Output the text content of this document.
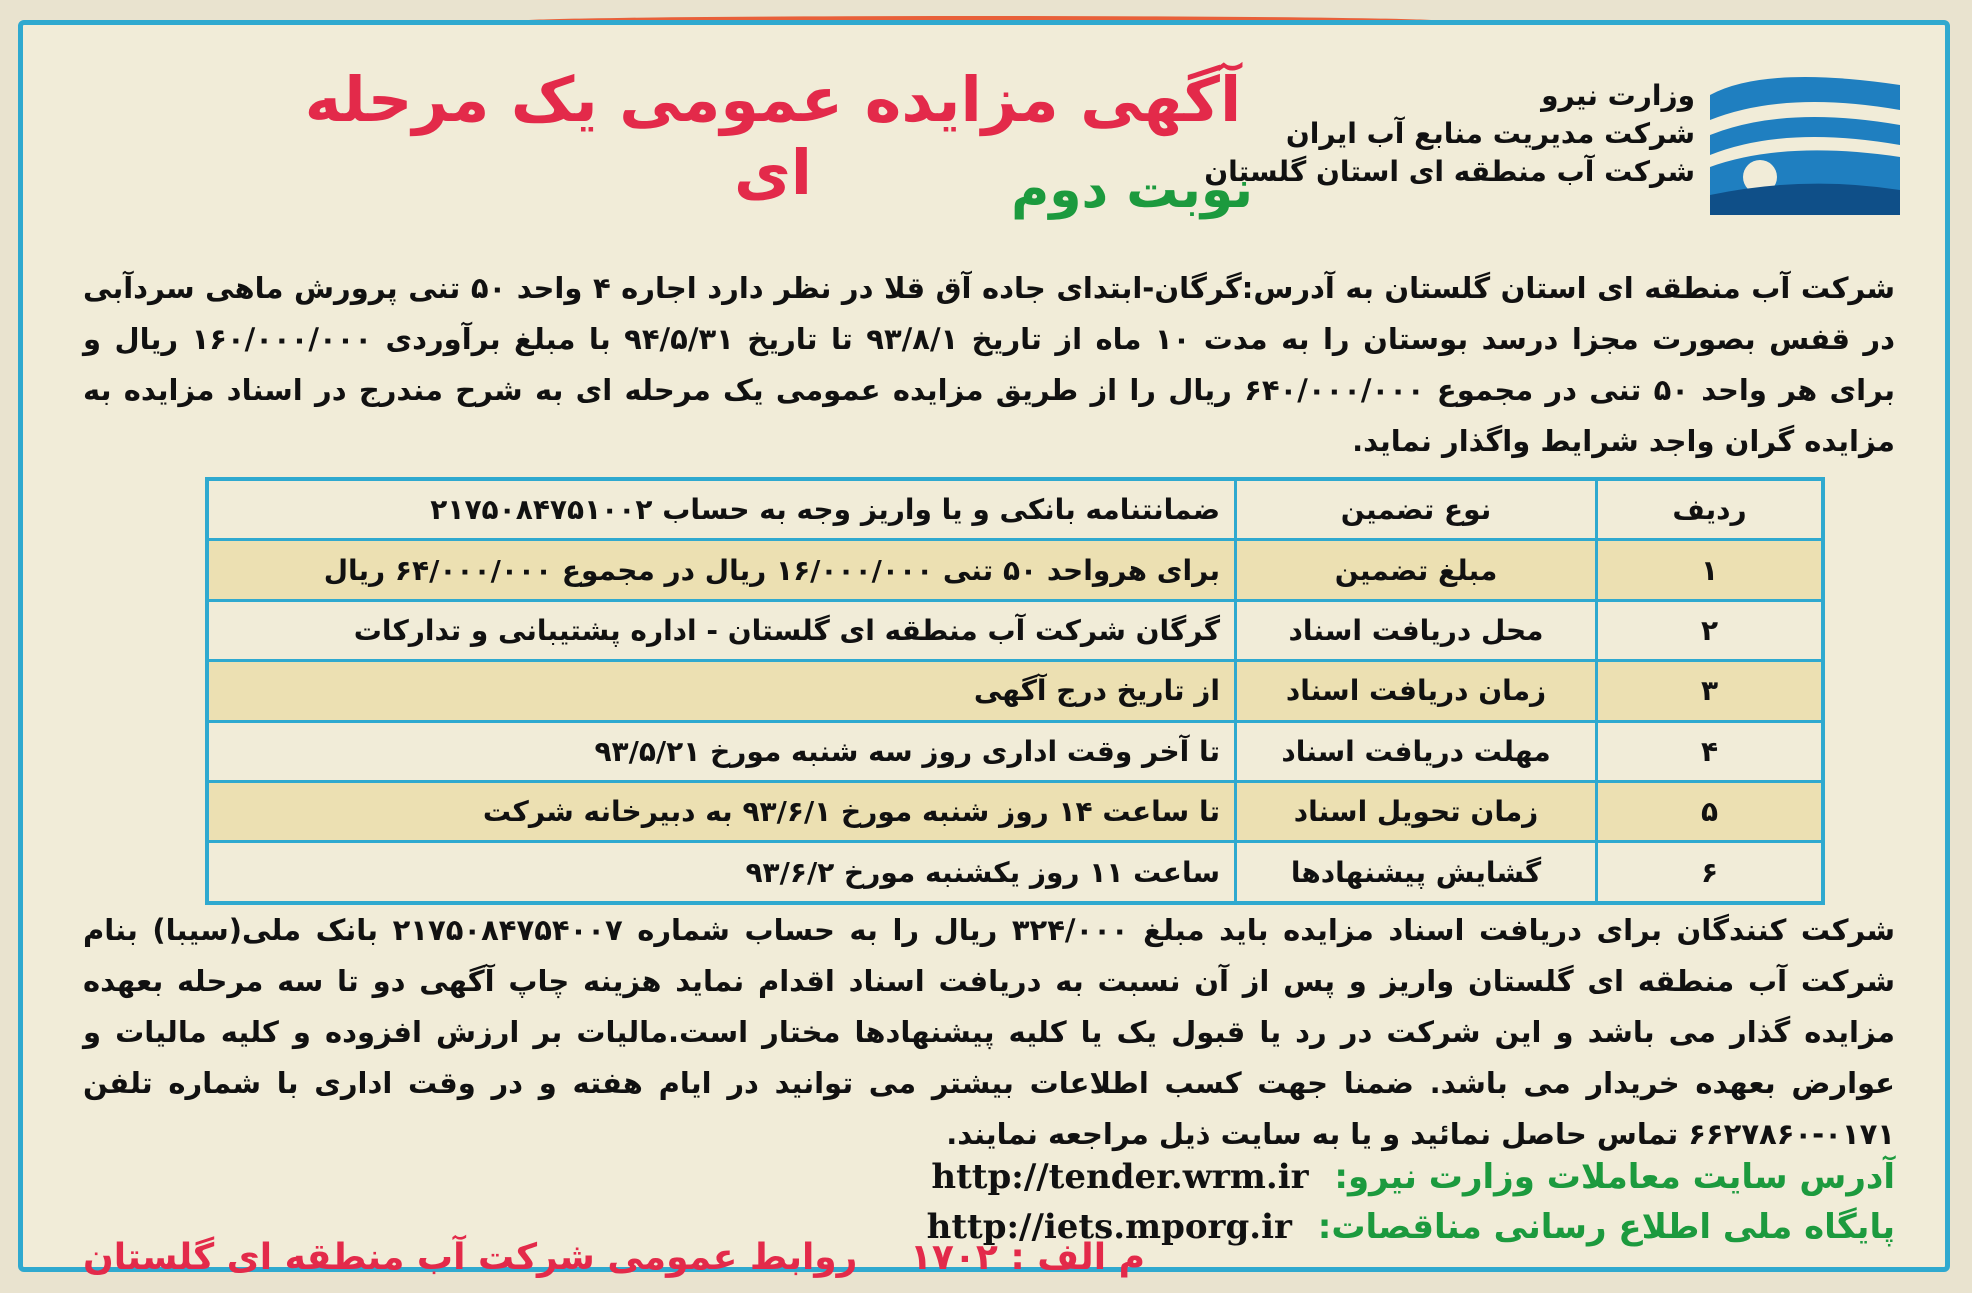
وزارت نیرو
شرکت مدیریت منابع آب ایران
شرکت آب منطقه ای استان گلستان
آگهی مزایده عمومی یک مرحله ای	نوبت دوم
شرکت آب منطقه ای استان گلستان به آدرس:گرگان-ابتدای جاده آق قلا در نظر دارد اجاره ۴ واحد ۵۰ تنی پرورش ماهی سردآبی در قفس بصورت مجزا درسد بوستان را به مدت ۱۰ ماه از تاریخ ۹۳/۸/۱ تا تاریخ ۹۴/۵/۳۱ با مبلغ برآوردی ۱۶۰/۰۰۰/۰۰۰ ریال و برای هر واحد ۵۰ تنی در مجموع ۶۴۰/۰۰۰/۰۰۰ ریال را از طریق مزایده عمومی یک مرحله ای به شرح مندرج در اسناد مزایده به مزایده گران واجد شرایط واگذار نماید.
ردیف	نوع تضمین	ضمانتنامه بانکی و یا واریز وجه به حساب ۲۱۷۵۰۸۴۷۵۱۰۰۲
۱	مبلغ تضمین	برای هرواحد ۵۰ تنی ۱۶/۰۰۰/۰۰۰ ریال در مجموع ۶۴/۰۰۰/۰۰۰ ریال
۲	محل دریافت اسناد	گرگان شرکت آب منطقه ای گلستان - اداره پشتیبانی و تدارکات
۳	زمان دریافت اسناد	از تاریخ درج آگهی
۴	مهلت دریافت اسناد	تا آخر وقت اداری روز سه شنبه مورخ ۹۳/۵/۲۱
۵	زمان تحویل اسناد	تا ساعت ۱۴ روز شنبه مورخ ۹۳/۶/۱ به دبیرخانه شرکت
۶	گشایش پیشنهادها	ساعت ۱۱ روز یکشنبه مورخ ۹۳/۶/۲
شرکت کنندگان برای دریافت اسناد مزایده باید مبلغ ۳۲۴/۰۰۰ ریال را به حساب شماره ۲۱۷۵۰۸۴۷۵۴۰۰۷ بانک ملی(سیبا) بنام شرکت آب منطقه ای گلستان واریز و پس از آن نسبت به دریافت اسناد اقدام نماید هزینه چاپ آگهی دو تا سه مرحله بعهده مزایده گذار می باشد و این شرکت در رد یا قبول یک یا کلیه پیشنهادها مختار است.مالیات بر ارزش افزوده و کلیه مالیات و عوارض بعهده خریدار می باشد. ضمنا جهت کسب اطلاعات بیشتر می توانید در ایام هفته و در وقت اداری با شماره تلفن ۰۱۷۱-۶۶۲۷۸۶۰ تماس حاصل نمائید و یا به سایت ذیل مراجعه نمایند.
آدرس سایت معاملات وزارت نیرو: http://tender.wrm.ir
پایگاه ملی اطلاع رسانی مناقصات: http://iets.mporg.ir
م الف : ۱۷۰۲ روابط عمومی شرکت آب منطقه ای گلستان
